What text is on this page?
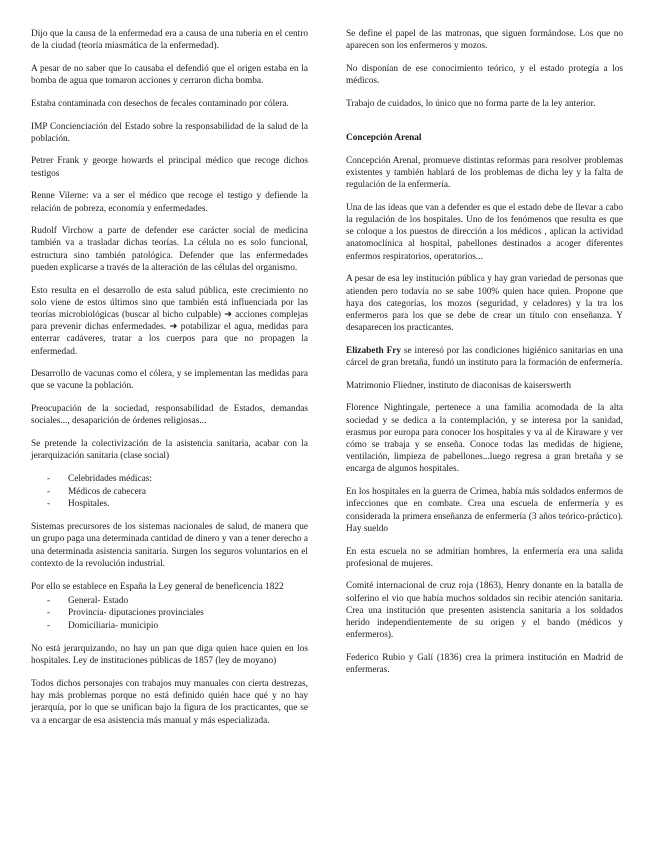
Dijo que la causa de la enfermedad era a causa de una tubería en el centro de la ciudad (teoría miasmática de la enfermedad).

A pesar de no saber que lo causaba el defendió que el origen estaba en la bomba de agua que tomaron acciones y cerraron dicha bomba.

Estaba contaminada con desechos de fecales contaminado por cólera.

IMP Concienciación del Estado sobre la responsabilidad de la salud de la población.

Petrer Frank y george howards el principal médico que recoge dichos testigos

Renne Vilerne: va a ser el médico que recoge el testigo y defiende la relación de pobreza, economía y enfermedades.

Rudolf Virchow a parte de defender ese carácter social de medicina también va a trasladar dichas teorías. La célula no es solo funcional, estructura sino también patológica. Defender que las enfermedades pueden explicarse a través de la alteración de las células del organismo.

Esto resulta en el desarrollo de esta salud pública, este crecimiento no solo viene de estos últimos sino que también está influenciada por las teorías microbiológicas (buscar al bicho culpable) ➜ acciones complejas para prevenir dichas enfermedades. ➜ potabilizar el agua, medidas para enterrar cadáveres, tratar a los cuerpos para que no propagen la enfermedad.

Desarrollo de vacunas como el cólera, y se implementan las medidas para que se vacune la población.

Preocupación de la sociedad, responsabilidad de Estados, demandas sociales..., desaparición de órdenes religiosas...

Se pretende la colectivización de la asistencia sanitaria, acabar con la jerarquización sanitaria (clase social)

- Celebridades médicas:
- Médicos de cabecera
- Hospitales.

Sistemas precursores de los sistemas nacionales de salud, de manera que un grupo paga una determinada cantidad de dinero y van a tener derecho a una determinada asistencia sanitaria. Surgen los seguros voluntarios en el contexto de la revolución industrial.

Por ello se establece en España la Ley general de beneficencia 1822

- General- Estado
- Provincia- diputaciones provinciales
- Domiciliaria- municipio

No está jerarquizando, no hay un pan que diga quien hace quien en los hospitales. Ley de instituciones públicas de 1857 (ley de moyano)

Todos dichos personajes con trabajos muy manuales con cierta destrezas, hay más problemas porque no está definido quién hace qué y no hay jerarquía, por lo que se unifican bajo la figura de los practicantes, que se va a encargar de esa asistencia más manual y más especializada.

Se define el papel de las matronas, que siguen formándose. Los que no aparecen son los enfermeros y mozos.

No disponían de ese conocimiento teórico, y el estado protegía a los médicos.

Trabajo de cuidados, lo único que no forma parte de la ley anterior.

Concepción Arenal

Concepción Arenal, promueve distintas reformas para resolver problemas existentes y también hablará de los problemas de dicha ley y la falta de regulación de la enfermería.

Una de las ideas que van a defender es que el estado debe de llevar a cabo la regulación de los hospitales. Uno de los fenómenos que resulta es que se coloque a los puestos de dirección a los médicos , aplican la actividad anatomoclínica al hospital, pabellones destinados a acoger diferentes enfermos respiratorios, operatorios...

A pesar de esa ley institución pública y hay gran variedad de personas que atienden pero todavía no se sabe 100% quien hace quien. Propone que haya dos categorías, los mozos (seguridad, y celadores) y la tra los enfermeros para los que se debe de crear un título con enseñanza. Y desaparecen los practicantes.

Elizabeth Fry se interesó por las condiciones higiénico sanitarias en una cárcel de gran bretaña, fundó un instituto para la formación de enfermería.

Matrimonio Fliedner, instituto de diaconisas de kaiserswerth

Florence Nightingale, pertenece a una familia acomodada de la alta sociedad y se dedica a la contemplación, y se interesa por la sanidad, erasmus por europa para conocer los hospitales y va al de Kiraware y ver cómo se trabaja y se enseña. Conoce todas las medidas de higiene, ventilación, limpieza de pabellones...luego regresa a gran bretaña y se encarga de algunos hospitales.

En los hospitales en la guerra de Crimea, había más soldados enfermos de infecciones que en combate. Crea una escuela de enfermería y es considerada la primera enseñanza de enfermería (3 años teórico-práctico). Hay sueldo

En esta escuela no se admitían hombres, la enfermería era una salida profesional de mujeres.

Comité internacional de cruz roja (1863), Henry donante en la batalla de solferino el vio que había muchos soldados sin recibir atención sanitaria. Crea una institución que presenten asistencia sanitaria a los soldados herido independientemente de su origen y el bando (médicos y enfermeros).

Federico Rubio y Galí (1836) crea la primera institución en Madrid de enfermeras.
